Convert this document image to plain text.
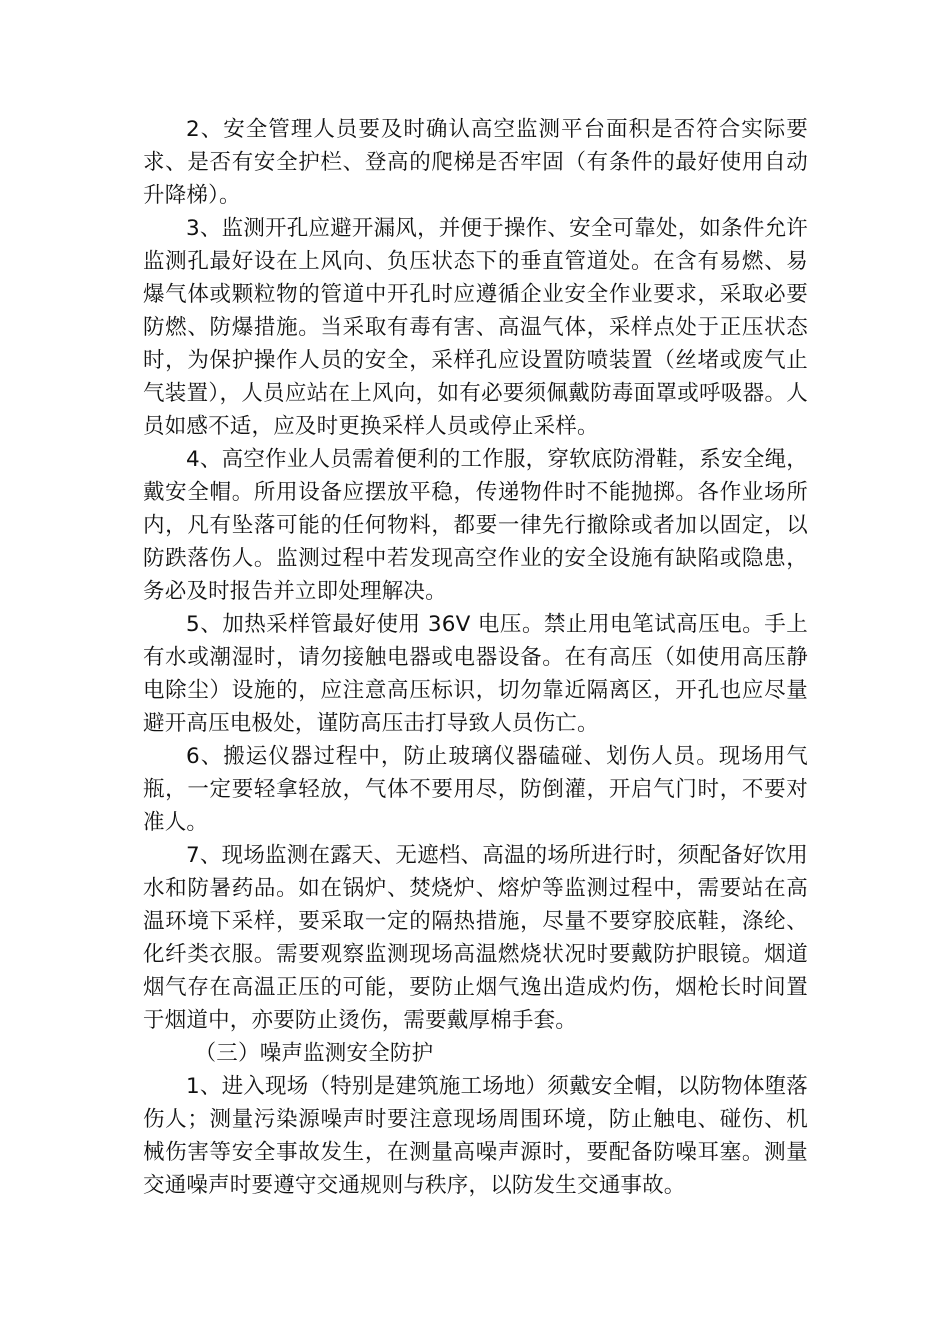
2、安全管理人员要及时确认高空监测平台面积是否符合实际要求、是否有安全护栏、登高的爬梯是否牢固（有条件的最好使用自动升降梯）。

3、监测开孔应避开漏风，并便于操作、安全可靠处，如条件允许监测孔最好设在上风向、负压状态下的垂直管道处。在含有易燃、易爆气体或颗粒物的管道中开孔时应遵循企业安全作业要求，采取必要防燃、防爆措施。当采取有毒有害、高温气体，采样点处于正压状态时，为保护操作人员的安全，采样孔应设置防喷装置（丝堵或废气止气装置），人员应站在上风向，如有必要须佩戴防毒面罩或呼吸器。人员如感不适，应及时更换采样人员或停止采样。

4、高空作业人员需着便利的工作服，穿软底防滑鞋，系安全绳，戴安全帽。所用设备应摆放平稳，传递物件时不能抛掷。各作业场所内，凡有坠落可能的任何物料，都要一律先行撤除或者加以固定，以防跌落伤人。监测过程中若发现高空作业的安全设施有缺陷或隐患，务必及时报告并立即处理解决。

5、加热采样管最好使用 36V 电压。禁止用电笔试高压电。手上有水或潮湿时，请勿接触电器或电器设备。在有高压（如使用高压静电除尘）设施的，应注意高压标识，切勿靠近隔离区，开孔也应尽量避开高压电极处，谨防高压击打导致人员伤亡。

6、搬运仪器过程中，防止玻璃仪器磕碰、划伤人员。现场用气瓶，一定要轻拿轻放，气体不要用尽，防倒灌，开启气门时，不要对准人。

7、现场监测在露天、无遮档、高温的场所进行时，须配备好饮用水和防暑药品。如在锅炉、焚烧炉、熔炉等监测过程中，需要站在高温环境下采样，要采取一定的隔热措施，尽量不要穿胶底鞋，涤纶、化纤类衣服。需要观察监测现场高温燃烧状况时要戴防护眼镜。烟道烟气存在高温正压的可能，要防止烟气逸出造成灼伤，烟枪长时间置于烟道中，亦要防止烫伤，需要戴厚棉手套。

（三）噪声监测安全防护

1、进入现场（特别是建筑施工场地）须戴安全帽，以防物体堕落伤人；测量污染源噪声时要注意现场周围环境，防止触电、碰伤、机械伤害等安全事故发生，在测量高噪声源时，要配备防噪耳塞。测量交通噪声时要遵守交通规则与秩序，以防发生交通事故。
